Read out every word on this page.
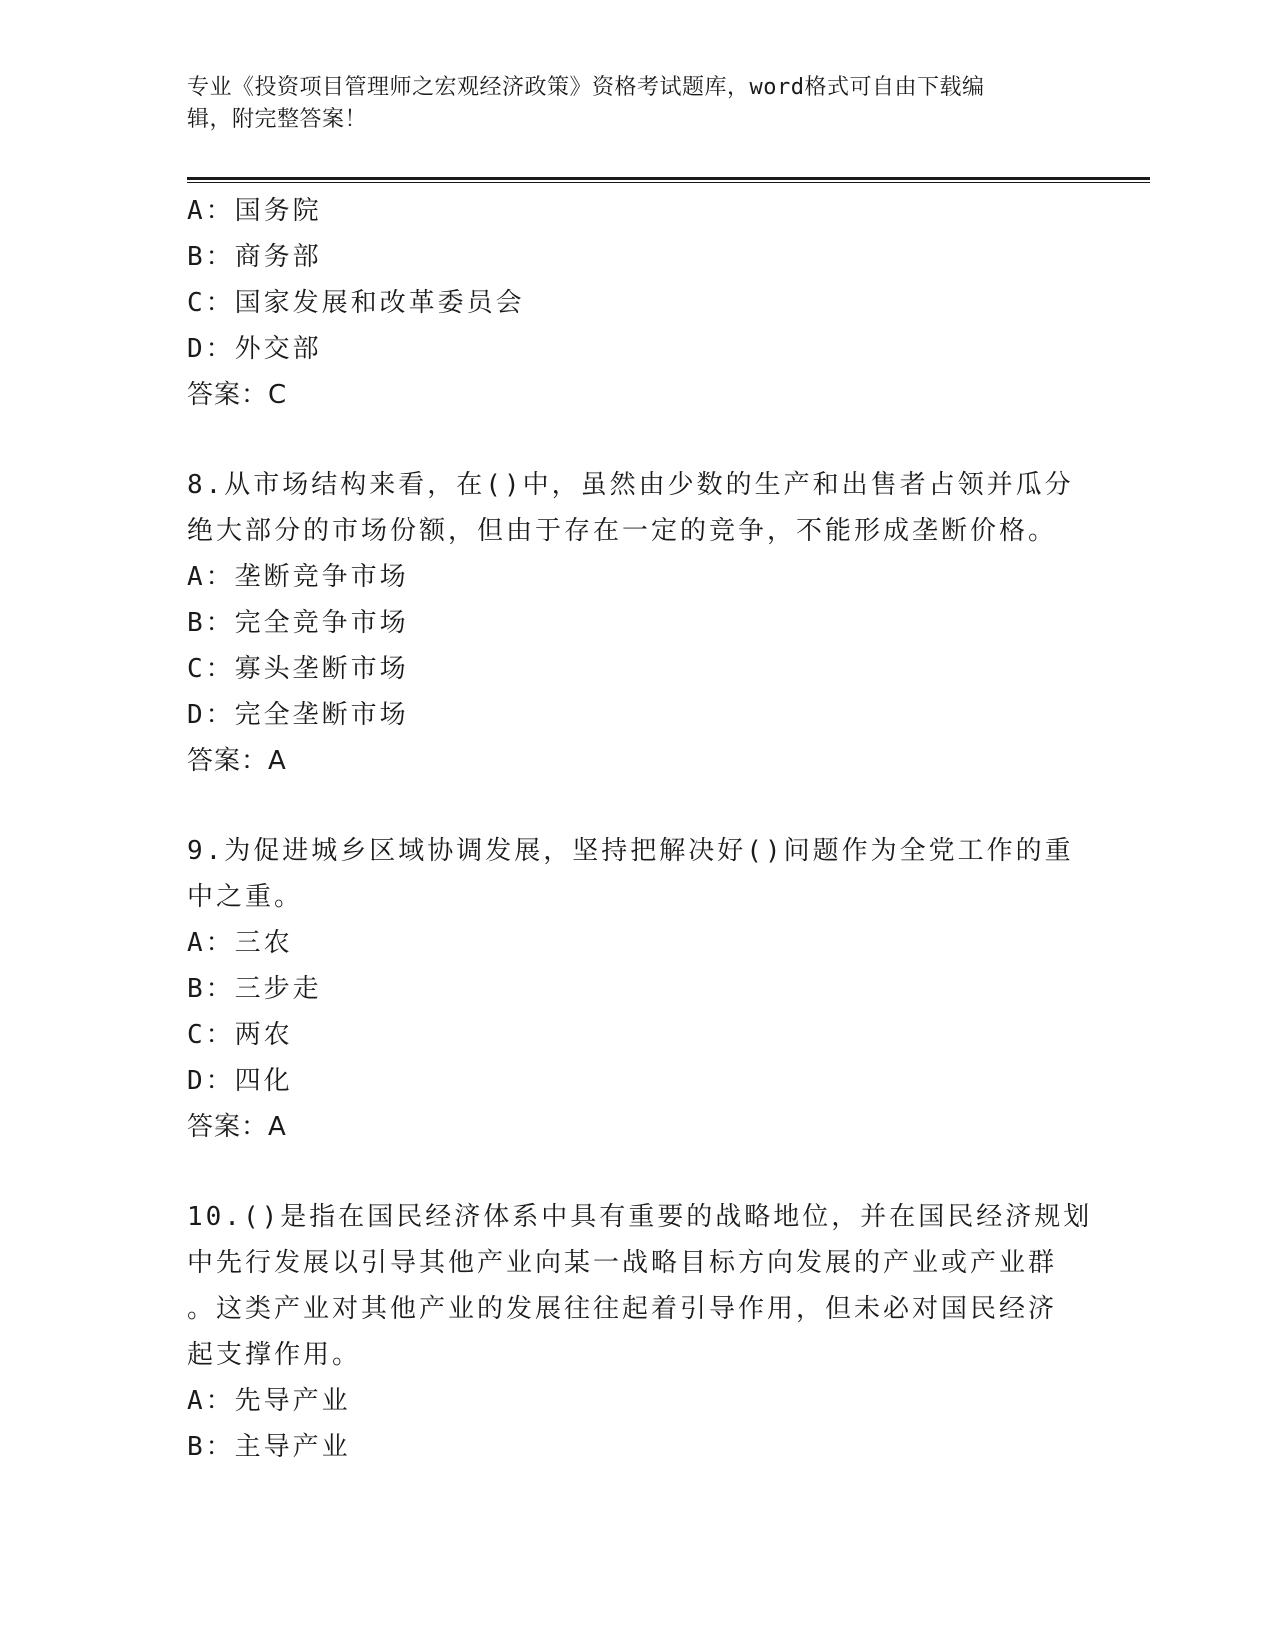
专业《投资项目管理师之宏观经济政策》资格考试题库，word格式可自由下载编
辑，附完整答案！
A：国务院
B：商务部
C：国家发展和改革委员会
D：外交部
答案：C
8.从市场结构来看，在()中，虽然由少数的生产和出售者占领并瓜分
绝大部分的市场份额，但由于存在一定的竞争，不能形成垄断价格。
A：垄断竞争市场
B：完全竞争市场
C：寡头垄断市场
D：完全垄断市场
答案：A
9.为促进城乡区域协调发展，坚持把解决好()问题作为全党工作的重
中之重。
A：三农
B：三步走
C：两农
D：四化
答案：A
10.()是指在国民经济体系中具有重要的战略地位，并在国民经济规划
中先行发展以引导其他产业向某一战略目标方向发展的产业或产业群
。这类产业对其他产业的发展往往起着引导作用，但未必对国民经济
起支撑作用。
A：先导产业
B：主导产业
